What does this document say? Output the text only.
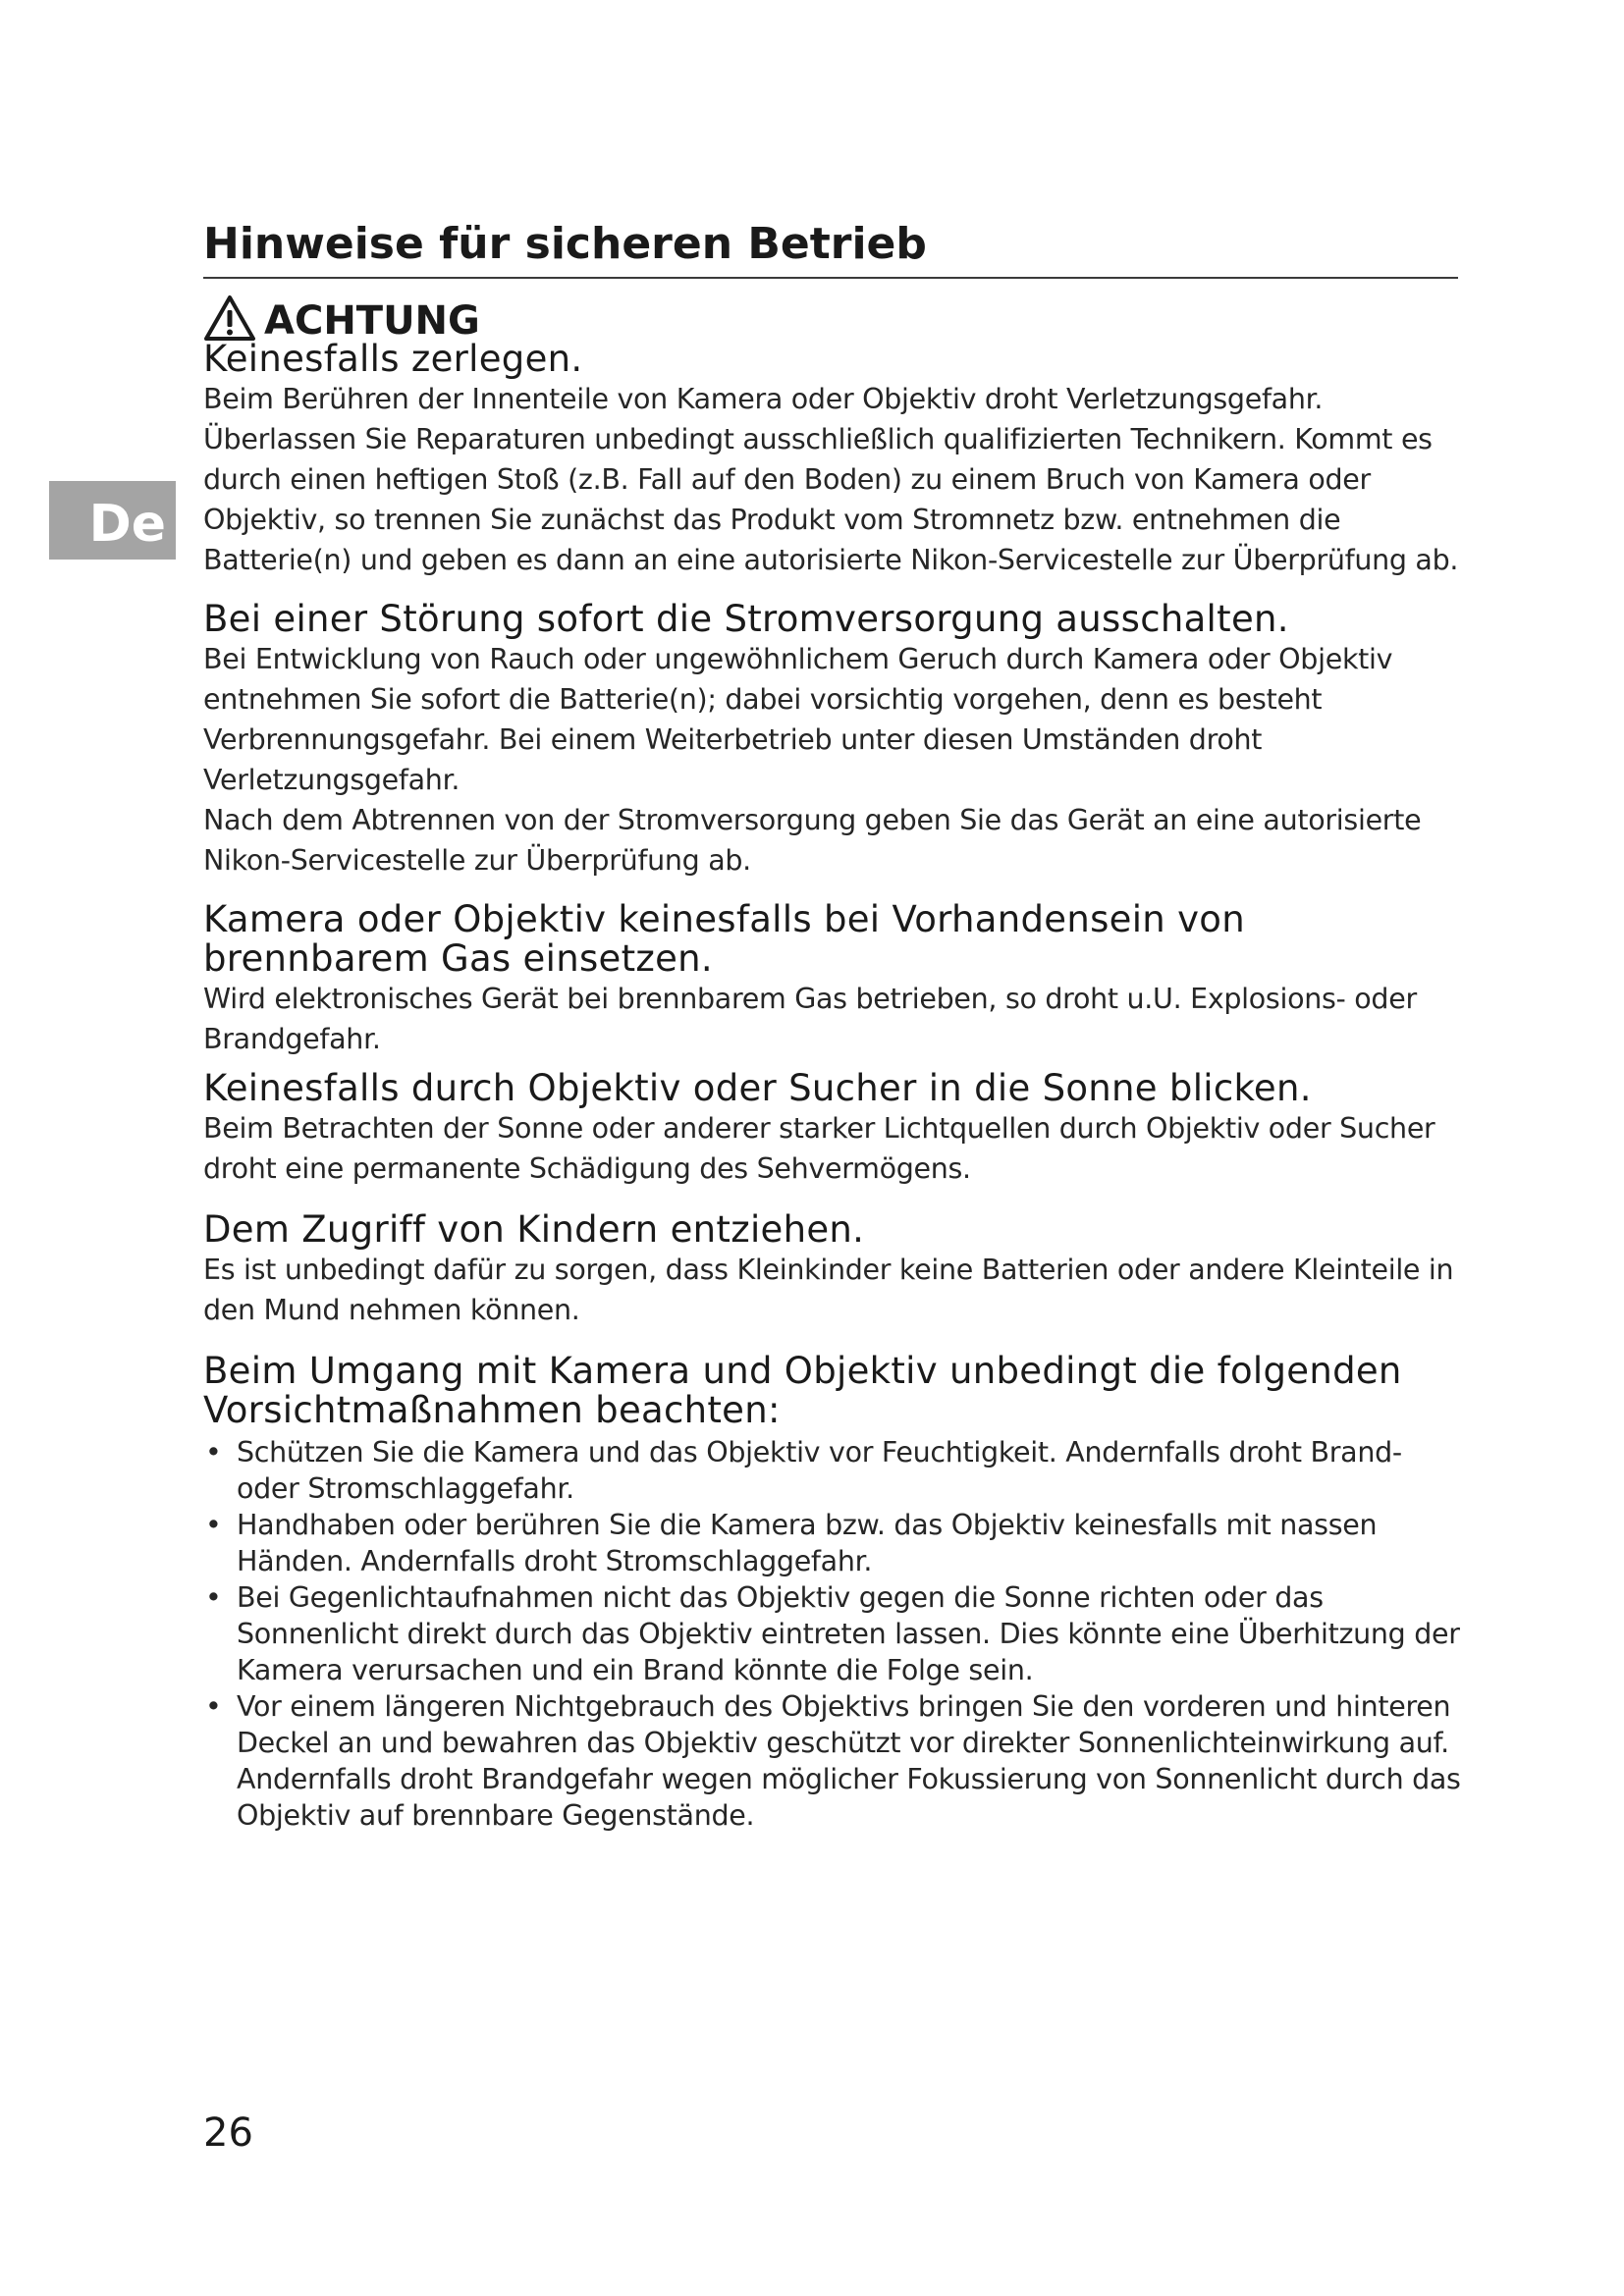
Hinweise für sicheren Betrieb
De
ACHTUNG
Keinesfalls zerlegen.

Beim Berühren der Innenteile von Kamera oder Objektiv droht Verletzungsgefahr. Überlassen Sie Reparaturen unbedingt ausschließlich qualifizierten Technikern. Kommt es durch einen heftigen Stoß (z.B. Fall auf den Boden) zu einem Bruch von Kamera oder Objektiv, so trennen Sie zunächst das Produkt vom Stromnetz bzw. entnehmen die Batterie(n) und geben es dann an eine autorisierte Nikon-Servicestelle zur Überprüfung ab.

Bei einer Störung sofort die Stromversorgung ausschalten.

Bei Entwicklung von Rauch oder ungewöhnlichem Geruch durch Kamera oder Objektiv entnehmen Sie sofort die Batterie(n); dabei vorsichtig vorgehen, denn es besteht Verbrennungsgefahr. Bei einem Weiterbetrieb unter diesen Umständen droht Verletzungsgefahr.

Nach dem Abtrennen von der Stromversorgung geben Sie das Gerät an eine autorisierte Nikon-Servicestelle zur Überprüfung ab.

Kamera oder Objektiv keinesfalls bei Vorhandensein von brennbarem Gas einsetzen.

Wird elektronisches Gerät bei brennbarem Gas betrieben, so droht u.U. Explosions- oder Brandgefahr.

Keinesfalls durch Objektiv oder Sucher in die Sonne blicken.

Beim Betrachten der Sonne oder anderer starker Lichtquellen durch Objektiv oder Sucher droht eine permanente Schädigung des Sehvermögens.

Dem Zugriff von Kindern entziehen.

Es ist unbedingt dafür zu sorgen, dass Kleinkinder keine Batterien oder andere Kleinteile in den Mund nehmen können.

Beim Umgang mit Kamera und Objektiv unbedingt die folgenden Vorsichtmaßnahmen beachten:
• Schützen Sie die Kamera und das Objektiv vor Feuchtigkeit. Andernfalls droht Brand- oder Stromschlaggefahr.
• Handhaben oder berühren Sie die Kamera bzw. das Objektiv keinesfalls mit nassen Händen. Andernfalls droht Stromschlaggefahr.
• Bei Gegenlichtaufnahmen nicht das Objektiv gegen die Sonne richten oder das Sonnenlicht direkt durch das Objektiv eintreten lassen. Dies könnte eine Überhitzung der Kamera verursachen und ein Brand könnte die Folge sein.
• Vor einem längeren Nichtgebrauch des Objektivs bringen Sie den vorderen und hinteren Deckel an und bewahren das Objektiv geschützt vor direkter Sonnenlichteinwirkung auf. Andernfalls droht Brandgefahr wegen möglicher Fokussierung von Sonnenlicht durch das Objektiv auf brennbare Gegenstände.
26
